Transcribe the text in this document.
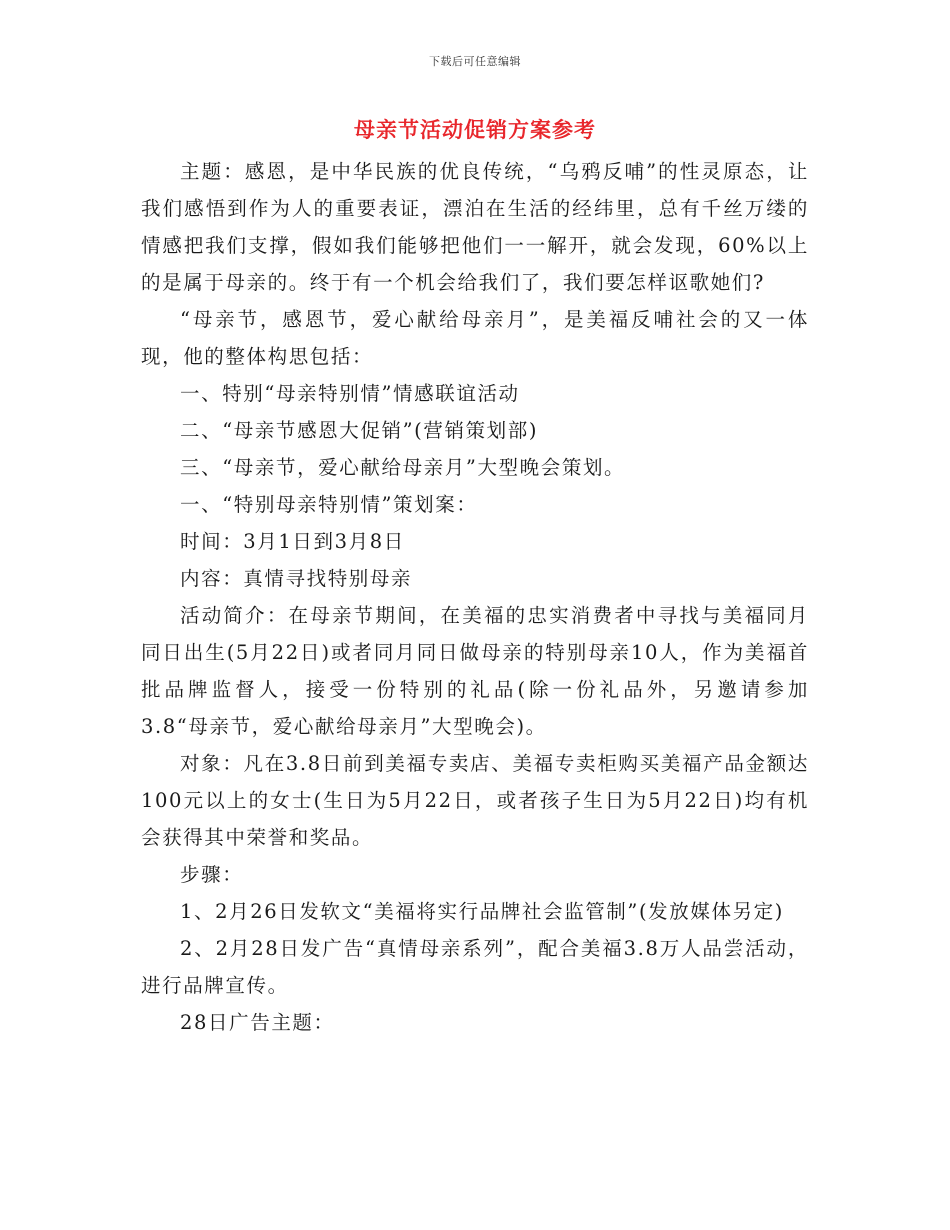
下载后可任意编辑

母亲节活动促销方案参考

主题：感恩，是中华民族的优良传统，“乌鸦反哺”的性灵原态，让我们感悟到作为人的重要表证，漂泊在生活的经纬里，总有千丝万缕的情感把我们支撑，假如我们能够把他们一一解开，就会发现，60%以上的是属于母亲的。终于有一个机会给我们了，我们要怎样讴歌她们?

“母亲节，感恩节，爱心献给母亲月”，是美福反哺社会的又一体现，他的整体构思包括：

一、特别“母亲特别情”情感联谊活动

二、“母亲节感恩大促销”(营销策划部)

三、“母亲节，爱心献给母亲月”大型晚会策划。

一、“特别母亲特别情”策划案：

时间：3月1日到3月8日

内容：真情寻找特别母亲

活动简介：在母亲节期间，在美福的忠实消费者中寻找与美福同月同日出生(5月22日)或者同月同日做母亲的特别母亲10人，作为美福首批品牌监督人，接受一份特别的礼品(除一份礼品外，另邀请参加3.8“母亲节，爱心献给母亲月”大型晚会)。

对象：凡在3.8日前到美福专卖店、美福专卖柜购买美福产品金额达100元以上的女士(生日为5月22日，或者孩子生日为5月22日)均有机会获得其中荣誉和奖品。

步骤：

1、2月26日发软文“美福将实行品牌社会监管制”(发放媒体另定)

2、2月28日发广告“真情母亲系列”，配合美福3.8万人品尝活动，进行品牌宣传。

28日广告主题：
